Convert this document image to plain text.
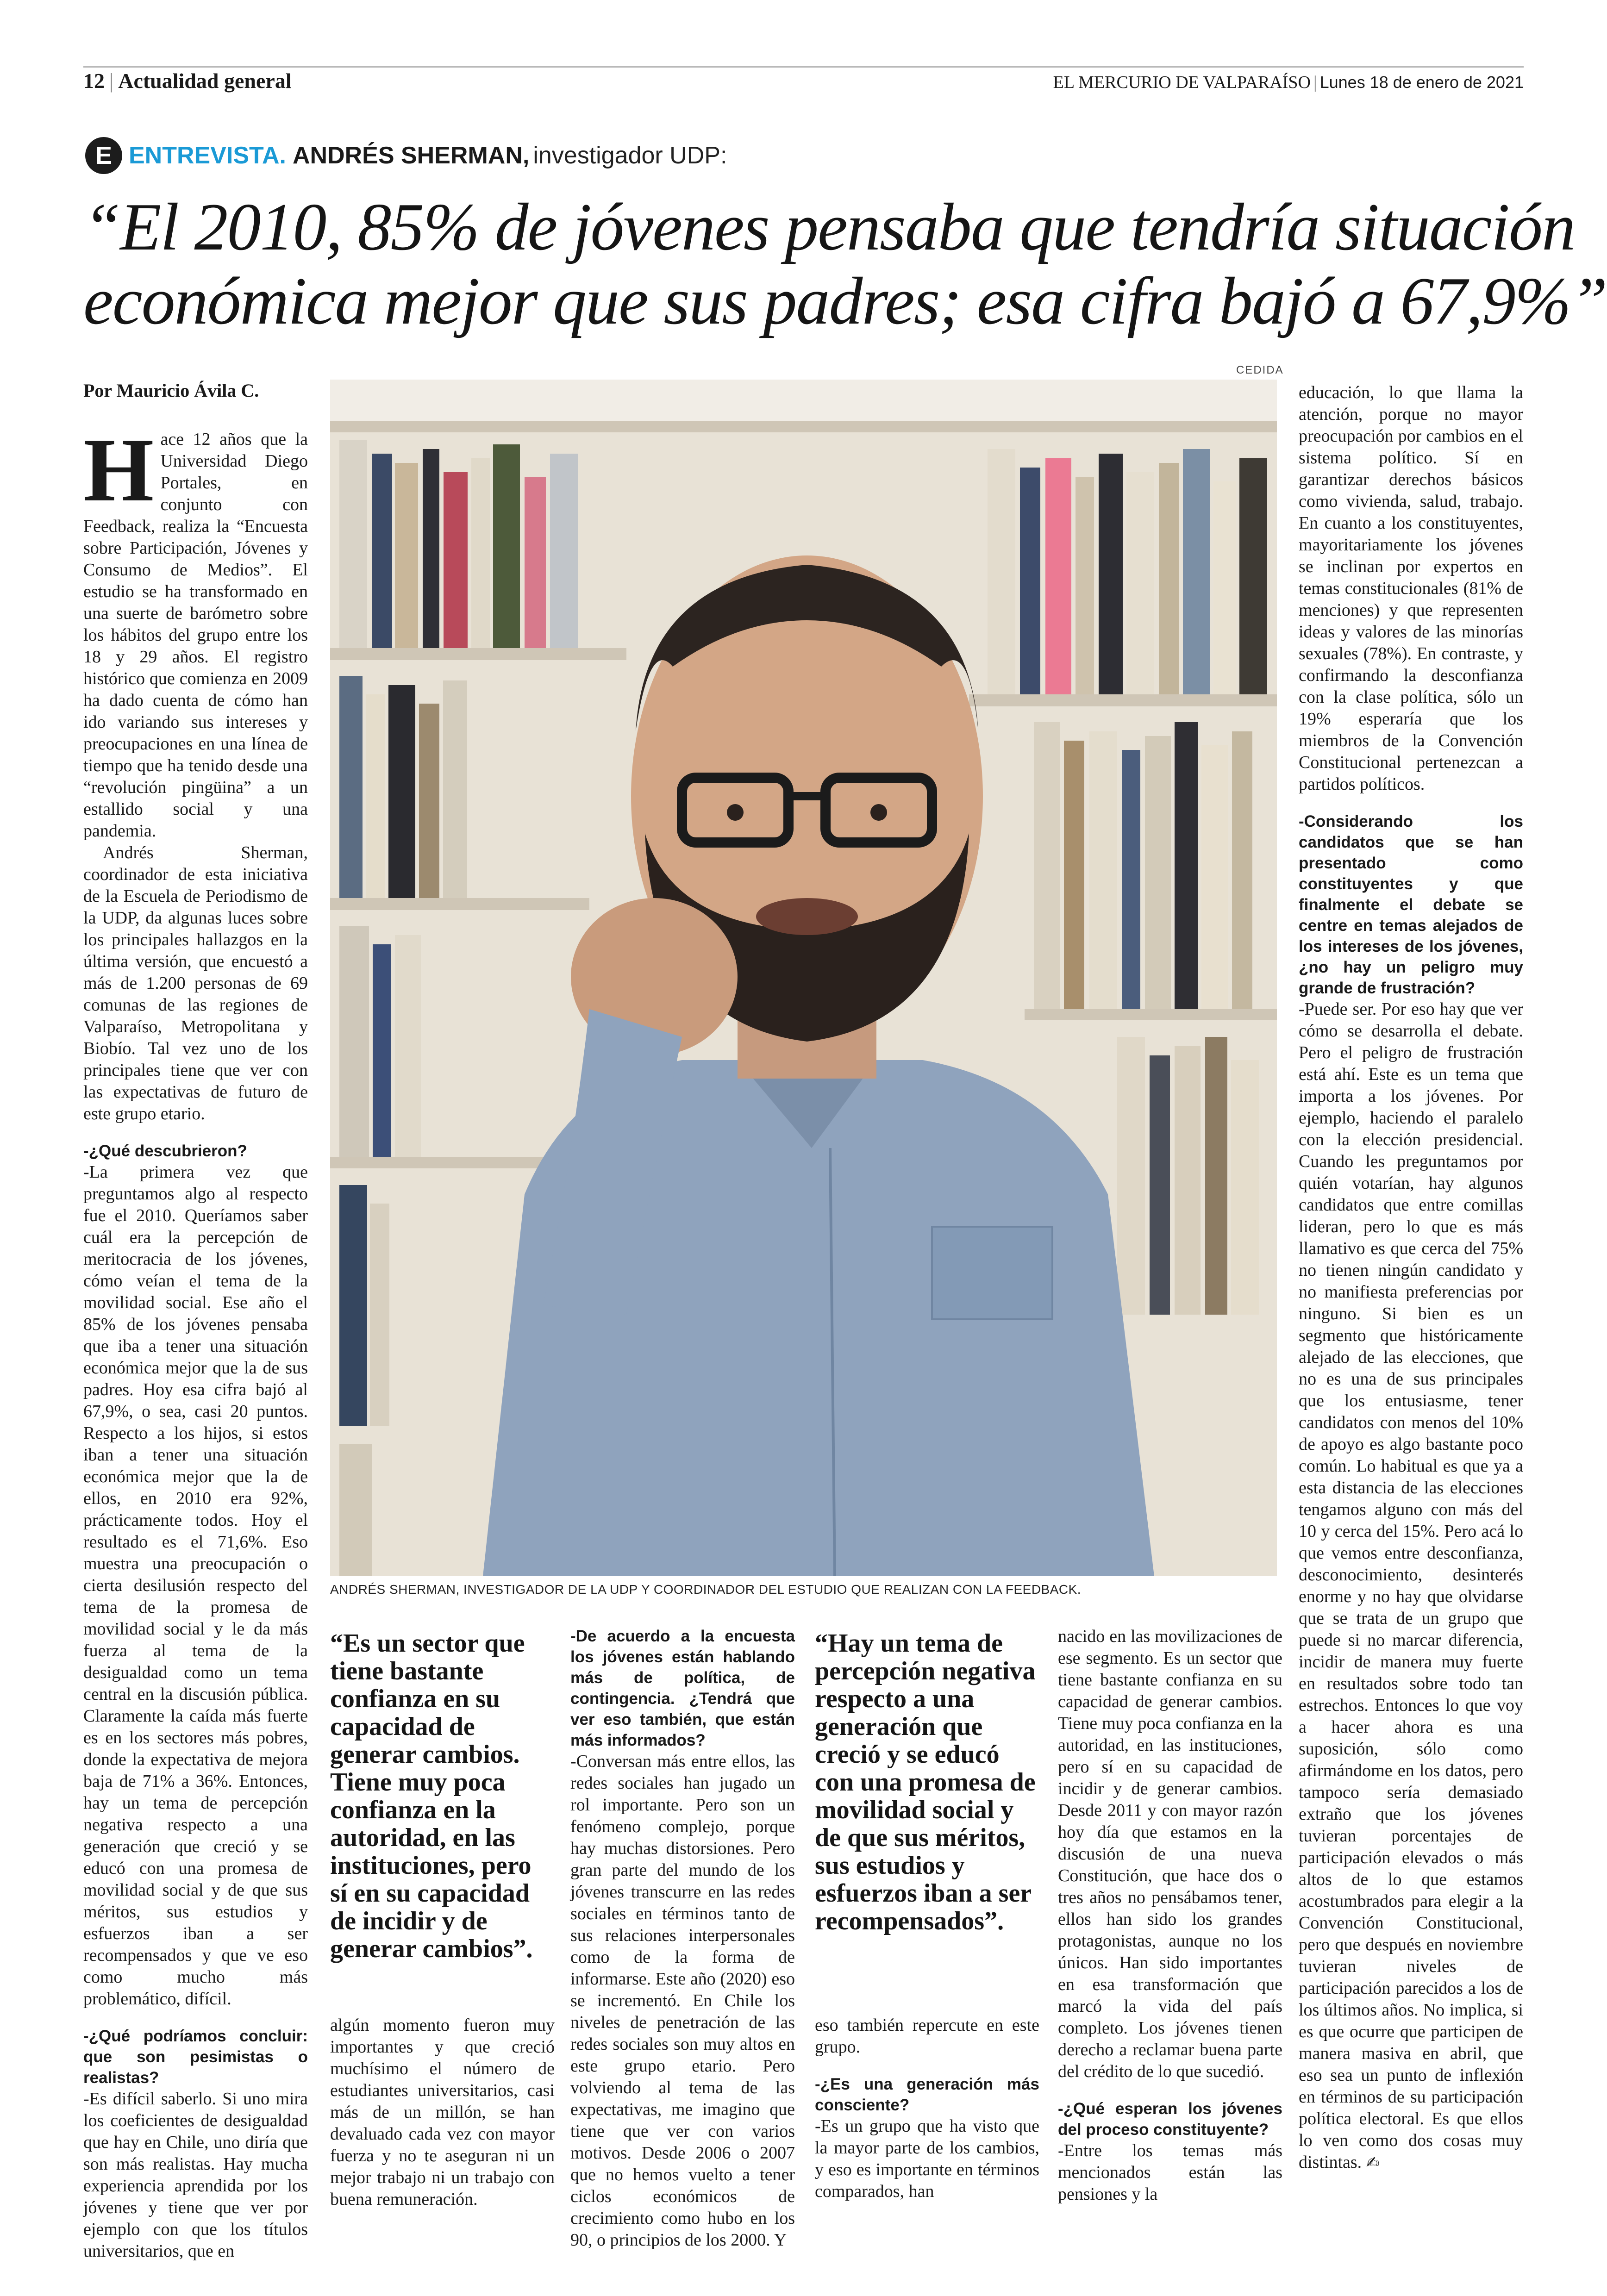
12 | Actualidad general	EL MERCURIO DE VALPARAÍSO | Lunes 18 de enero de 2021
E ENTREVISTA. ANDRÉS SHERMAN, investigador UDP:
“El 2010, 85% de jóvenes pensaba que tendría situación
económica mejor que sus padres; esa cifra bajó a 67,9%”
CEDIDA
ANDRÉS SHERMAN, INVESTIGADOR DE LA UDP Y COORDINADOR DEL ESTUDIO QUE REALIZAN CON LA FEEDBACK.

Por Mauricio Ávila C.

Hace 12 años que la Universidad Diego Portales, en conjunto con Feedback, realiza la “Encuesta sobre Participación, Jóvenes y Consumo de Medios”. El estudio se ha transformado en una suerte de barómetro sobre los hábitos del grupo entre los 18 y 29 años. El registro histórico que comienza en 2009 ha dado cuenta de cómo han ido variando sus intereses y preocupaciones en una línea de tiempo que ha tenido desde una “revolución pingüina” a un estallido social y una pandemia.

Andrés Sherman, coordinador de esta iniciativa de la Escuela de Periodismo de la UDP, da algunas luces sobre los principales hallazgos en la última versión, que encuestó a más de 1.200 personas de 69 comunas de las regiones de Valparaíso, Metropolitana y Biobío. Tal vez uno de los principales tiene que ver con las expectativas de futuro de este grupo etario.

-¿Qué descubrieron?

-La primera vez que preguntamos algo al respecto fue el 2010. Queríamos saber cuál era la percepción de meritocracia de los jóvenes, cómo veían el tema de la movilidad social. Ese año el 85% de los jóvenes pensaba que iba a tener una situación económica mejor que la de sus padres. Hoy esa cifra bajó al 67,9%, o sea, casi 20 puntos. Respecto a los hijos, si estos iban a tener una situación económica mejor que la de ellos, en 2010 era 92%, prácticamente todos. Hoy el resultado es el 71,6%. Eso muestra una preocupación o cierta desilusión respecto del tema de la promesa de movilidad social y le da más fuerza al tema de la desigualdad como un tema central en la discusión pública. Claramente la caída más fuerte es en los sectores más pobres, donde la expectativa de mejora baja de 71% a 36%. Entonces, hay un tema de percepción negativa respecto a una generación que creció y se educó con una promesa de movilidad social y de que sus méritos, sus estudios y esfuerzos iban a ser recompensados y que ve eso como mucho más problemático, difícil.

-¿Qué podríamos concluir: que son pesimistas o realistas?

-Es difícil saberlo. Si uno mira los coeficientes de desigualdad que hay en Chile, uno diría que son más realistas. Hay mucha experiencia aprendida por los jóvenes y tiene que ver por ejemplo con que los títulos universitarios, que en

“Es un sector que tiene bastante confianza en su capacidad de generar cambios. Tiene muy poca confianza en la autoridad, en las instituciones, pero sí en su capacidad de incidir y de generar cambios”.

algún momento fueron muy importantes y que creció muchísimo el número de estudiantes universitarios, casi más de un millón, se han devaluado cada vez con mayor fuerza y no te aseguran ni un mejor trabajo ni un trabajo con buena remuneración.

-De acuerdo a la encuesta los jóvenes están hablando más de política, de contingencia. ¿Tendrá que ver eso también, que están más informados?

-Conversan más entre ellos, las redes sociales han jugado un rol importante. Pero son un fenómeno complejo, porque hay muchas distorsiones. Pero gran parte del mundo de los jóvenes transcurre en las redes sociales en términos tanto de sus relaciones interpersonales como de la forma de informarse. Este año (2020) eso se incrementó. En Chile los niveles de penetración de las redes sociales son muy altos en este grupo etario. Pero volviendo al tema de las expectativas, me imagino que tiene que ver con varios motivos. Desde 2006 o 2007 que no hemos vuelto a tener ciclos económicos de crecimiento como hubo en los 90, o principios de los 2000. Y

“Hay un tema de percepción negativa respecto a una generación que creció y se educó con una promesa de movilidad social y de que sus méritos, sus estudios y esfuerzos iban a ser recompensados”.

eso también repercute en este grupo.

-¿Es una generación más consciente?

-Es un grupo que ha visto que la mayor parte de los cambios, y eso es importante en términos comparados, han

nacido en las movilizaciones de ese segmento. Es un sector que tiene bastante confianza en su capacidad de generar cambios. Tiene muy poca confianza en la autoridad, en las instituciones, pero sí en su capacidad de incidir y de generar cambios. Desde 2011 y con mayor razón hoy día que estamos en la discusión de una nueva Constitución, que hace dos o tres años no pensábamos tener, ellos han sido los grandes protagonistas, aunque no los únicos. Han sido importantes en esa transformación que marcó la vida del país completo. Los jóvenes tienen derecho a reclamar buena parte del crédito de lo que sucedió.

-¿Qué esperan los jóvenes del proceso constituyente?

-Entre los temas más mencionados están las pensiones y la

educación, lo que llama la atención, porque no mayor preocupación por cambios en el sistema político. Sí en garantizar derechos básicos como vivienda, salud, trabajo. En cuanto a los constituyentes, mayoritariamente los jóvenes se inclinan por expertos en temas constitucionales (81% de menciones) y que representen ideas y valores de las minorías sexuales (78%). En contraste, y confirmando la desconfianza con la clase política, sólo un 19% esperaría que los miembros de la Convención Constitucional pertenezcan a partidos políticos.

-Considerando los candidatos que se han presentado como constituyentes y que finalmente el debate se centre en temas alejados de los intereses de los jóvenes, ¿no hay un peligro muy grande de frustración?

-Puede ser. Por eso hay que ver cómo se desarrolla el debate. Pero el peligro de frustración está ahí. Este es un tema que importa a los jóvenes. Por ejemplo, haciendo el paralelo con la elección presidencial. Cuando les preguntamos por quién votarían, hay algunos candidatos que entre comillas lideran, pero lo que es más llamativo es que cerca del 75% no tienen ningún candidato y no manifiesta preferencias por ninguno. Si bien es un segmento que históricamente alejado de las elecciones, que no es una de sus principales que los entusiasme, tener candidatos con menos del 10% de apoyo es algo bastante poco común. Lo habitual es que ya a esta distancia de las elecciones tengamos alguno con más del 10 y cerca del 15%. Pero acá lo que vemos entre desconfianza, desconocimiento, desinterés enorme y no hay que olvidarse que se trata de un grupo que puede si no marcar diferencia, incidir de manera muy fuerte en resultados sobre todo tan estrechos. Entonces lo que voy a hacer ahora es una suposición, sólo como afirmándome en los datos, pero tampoco sería demasiado extraño que los jóvenes tuvieran porcentajes de participación elevados o más altos de lo que estamos acostumbrados para elegir a la Convención Constitucional, pero que después en noviembre tuvieran niveles de participación parecidos a los de los últimos años. No implica, si es que ocurre que participen de manera masiva en abril, que eso sea un punto de inflexión en términos de su participación política electoral. Es que ellos lo ven como dos cosas muy distintas. ✍
